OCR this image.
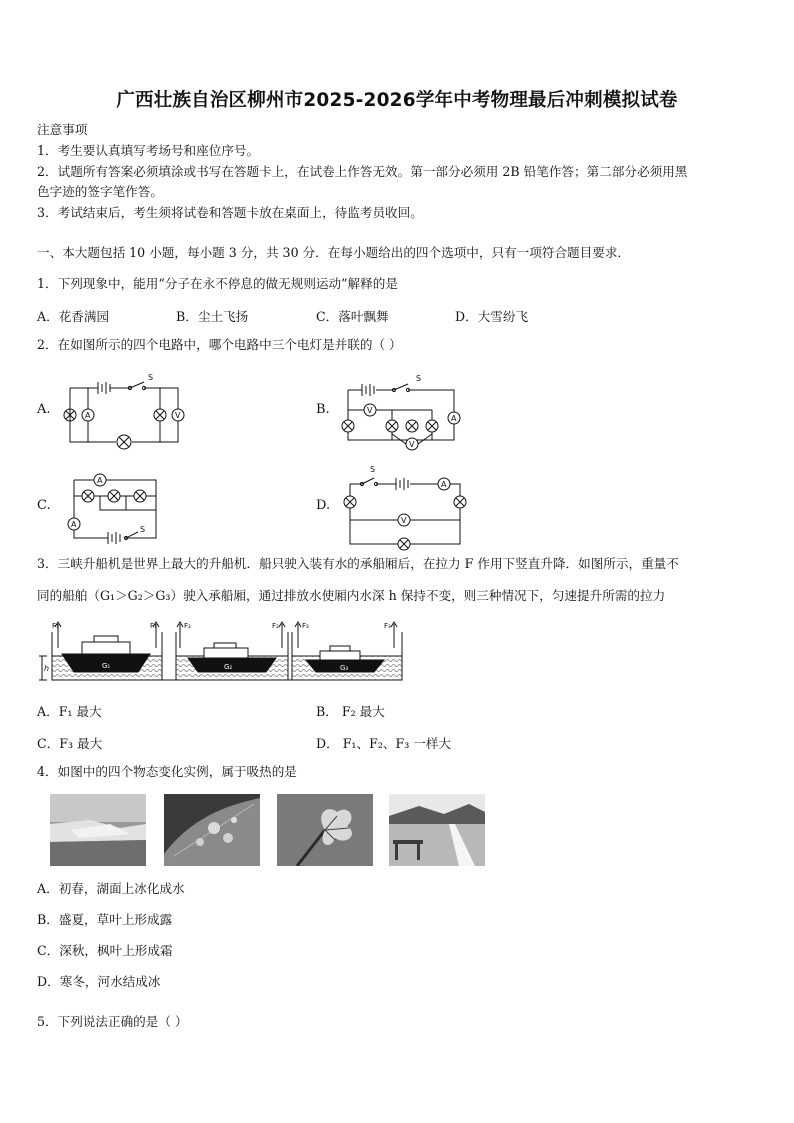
广西壮族自治区柳州市2025-2026学年中考物理最后冲刺模拟试卷
注意事项
1．考生要认真填写考场号和座位序号。
2．试题所有答案必须填涂或书写在答题卡上，在试卷上作答无效。第一部分必须用 2B 铅笔作答；第二部分必须用黑
色字迹的签字笔作答。
3．考试结束后，考生须将试卷和答题卡放在桌面上，待监考员收回。
一、本大题包括 10 小题，每小题 3 分，共 30 分．在每小题给出的四个选项中，只有一项符合题目要求．
1．下列现象中，能用“分子在永不停息的做无规则运动”解释的是
A．花香满园	B．尘土飞扬	C．落叶飘舞	D．大雪纷飞
2．在如图所示的四个电路中，哪个电路中三个电灯是并联的（ ）
A.	B.
C.	D.
S
A	V
S
A
V
V
A
A
S
S
A
V
3．三峡升船机是世界上最大的升船机．船只驶入装有水的承船厢后，在拉力 F 作用下竖直升降．如图所示，重量不
同的船舶（G₁＞G₂＞G₃）驶入承船厢，通过排放水使厢内水深 h 保持不变，则三种情况下，匀速提升所需的拉力
F₁	F₁	F₂	F₂	F₃	F₃
G₁	G₂	G₃
h
A．F₁ 最大	B． F₂ 最大
C．F₃ 最大	D． F₁、F₂、F₃ 一样大
4．如图中的四个物态变化实例，属于吸热的是
A．初春，湖面上冰化成水
B．盛夏，草叶上形成露
C．深秋，枫叶上形成霜
D．寒冬，河水结成冰
5．下列说法正确的是（ ）
